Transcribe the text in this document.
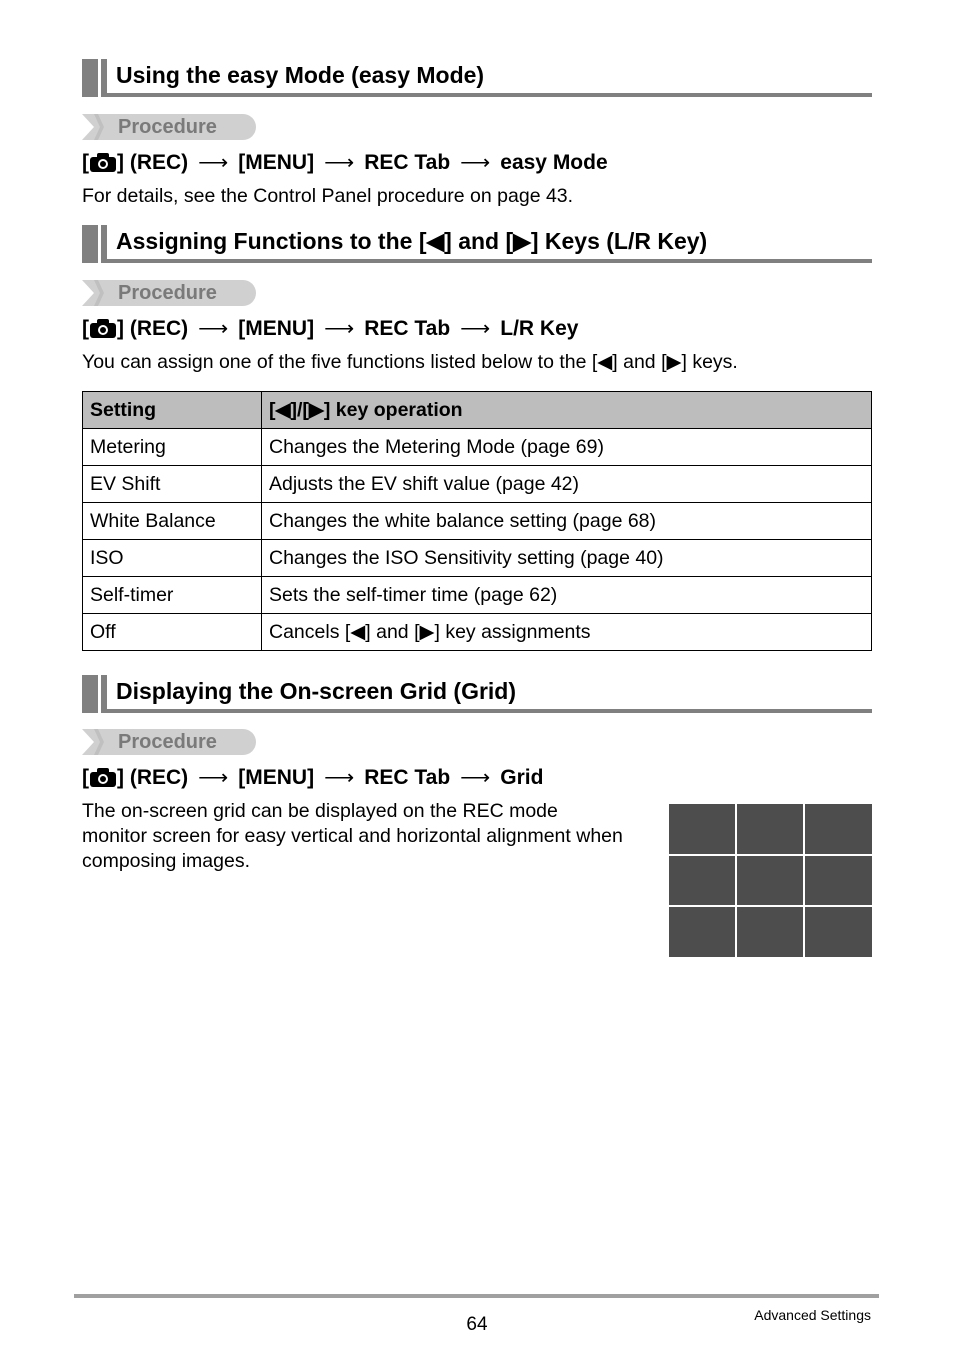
Using the easy Mode (easy Mode)
Procedure
[ ] (REC) ⟶ [MENU] ⟶ REC Tab ⟶ easy Mode
For details, see the Control Panel procedure on page 43.
Assigning Functions to the [◀] and [▶] Keys (L/R Key)
Procedure
[ ] (REC) ⟶ [MENU] ⟶ REC Tab ⟶ L/R Key
You can assign one of the five functions listed below to the [◀] and [▶] keys.
Setting	[◀]/[▶] key operation
Metering	Changes the Metering Mode (page 69)
EV Shift	Adjusts the EV shift value (page 42)
White Balance	Changes the white balance setting (page 68)
ISO	Changes the ISO Sensitivity setting (page 40)
Self-timer	Sets the self-timer time (page 62)
Off	Cancels [◀] and [▶] key assignments
Displaying the On-screen Grid (Grid)
Procedure
[ ] (REC) ⟶ [MENU] ⟶ REC Tab ⟶ Grid
The on-screen grid can be displayed on the REC mode monitor screen for easy vertical and horizontal alignment when composing images.
64	Advanced Settings
